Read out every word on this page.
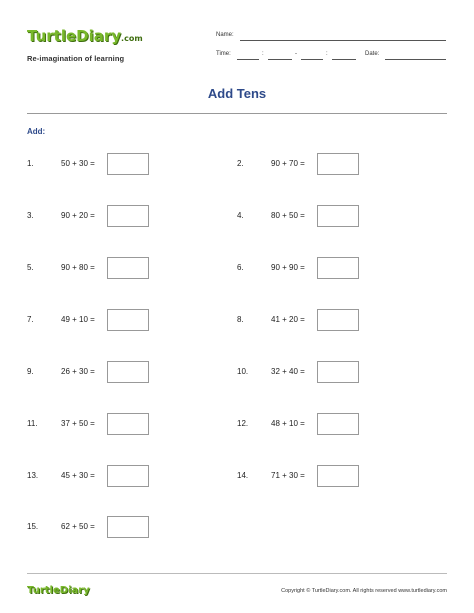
TurtleDiary.com
Re-imagination of learning
Name:
Time:	:	-	:	Date:
Add Tens
Add:
1.	50 + 30 =	2.	90 + 70 =
3.	90 + 20 =	4.	80 + 50 =
5.	90 + 80 =	6.	90 + 90 =
7.	49 + 10 =	8.	41 + 20 =
9.	26 + 30 =	10.	32 + 40 =
11.	37 + 50 =	12.	48 + 10 =
13.	45 + 30 =	14.	71 + 30 =
15.	62 + 50 =
TurtleDiary	Copyright © TurtleDiary.com. All rights reserved www.turtlediary.com
